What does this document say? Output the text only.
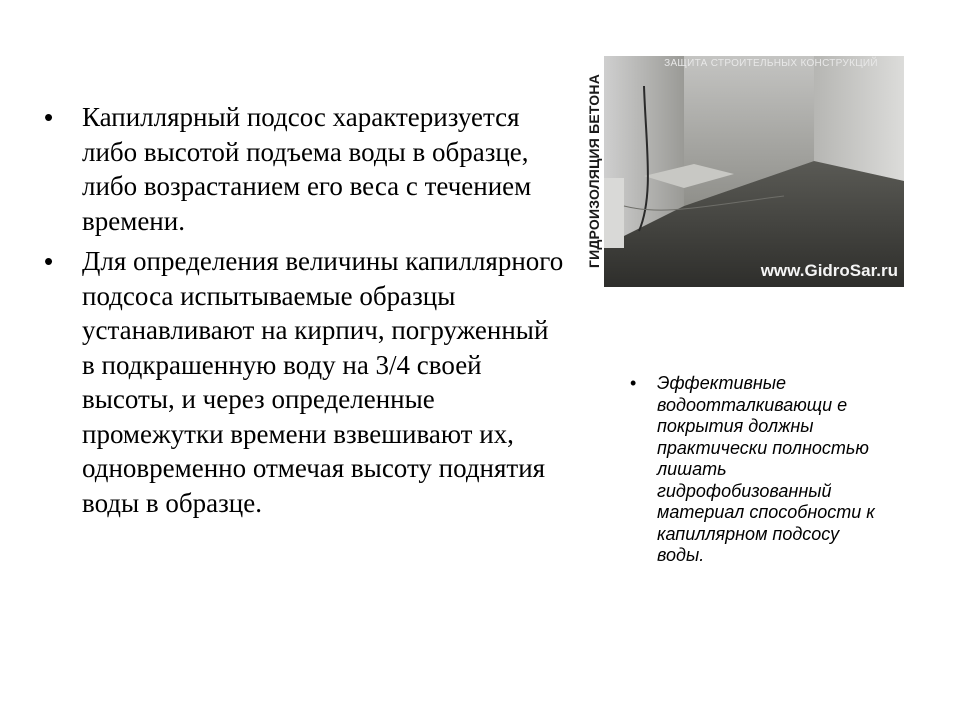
• Капиллярный подсос характеризуется либо высотой подъема воды в образце, либо возрастанием его веса с течением времени.
• Для определения величины капиллярного подсоса испытываемые образцы устанавливают на кирпич, погруженный в подкрашенную воду на 3/4 своей высоты, и через определенные промежутки времени взвешивают их, одновременно отмечая высоту поднятия воды в образце.
ГИДРОИЗОЛЯЦИЯ БЕТОНА
ЗАЩИТА СТРОИТЕЛЬНЫХ КОНСТРУКЦИЙ
www.GidroSar.ru
•	Эффективные водоотталкивающи е покрытия должны практически полностью лишать гидрофобизованный материал способности к капиллярном подсосу воды.
